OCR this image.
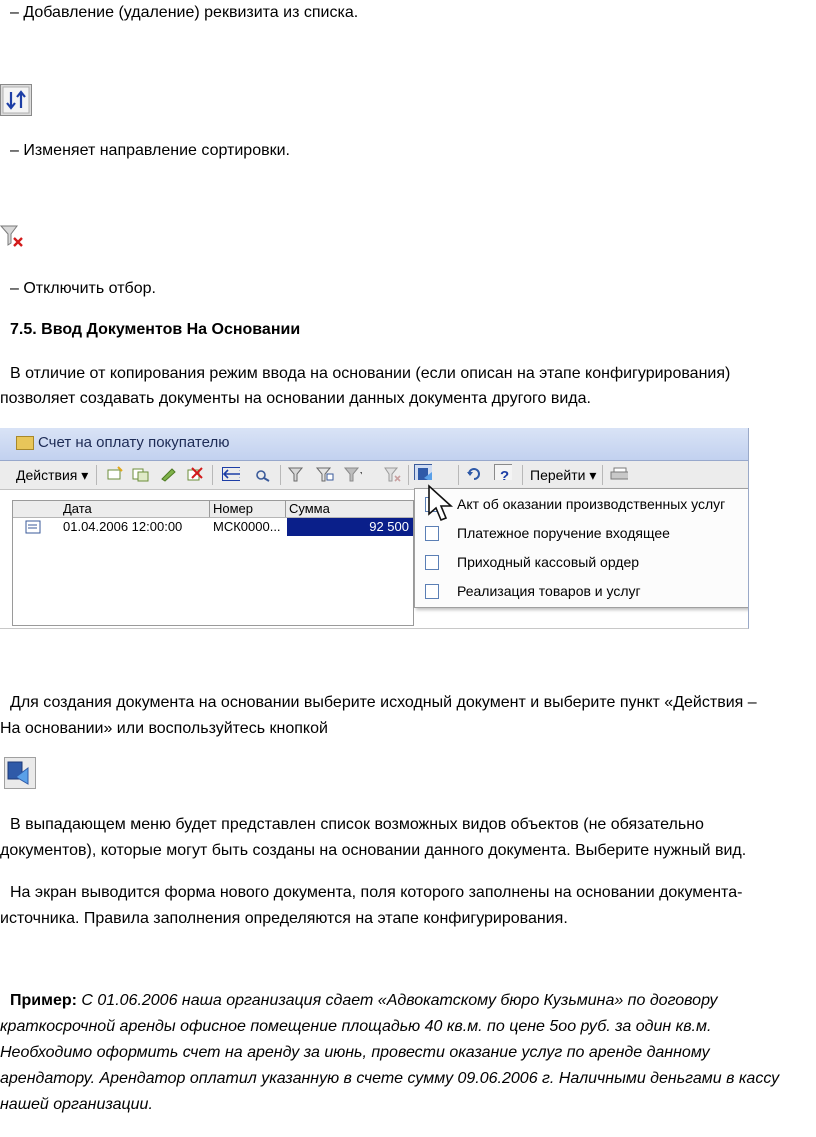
– Добавление (удаление) реквизита из списка.
– Изменяет направление сортировки.
– Отключить отбор.
7.5. Ввод Документов На Основании
В отличие от копирования режим ввода на основании (если описан на этапе конфигурирования)
позволяет создавать документы на основании данных документа другого вида.
Счет на оплату покупателю
Действия ▾	? Перейти ▾
Дата	Номер	Сумма
01.04.2006 12:00:00 МСК0000...	92 500
Акт об оказании производственных услуг
Платежное поручение входящее
Приходный кассовый ордер
Реализация товаров и услуг
Для создания документа на основании выберите исходный документ и выберите пункт «Действия –
На основании» или воспользуйтесь кнопкой
В выпадающем меню будет представлен список возможных видов объектов (не обязательно
документов), которые могут быть созданы на основании данного документа. Выберите нужный вид.
На экран выводится форма нового документа, поля которого заполнены на основании документа-
источника. Правила заполнения определяются на этапе конфигурирования.
Пример: С 01.06.2006 наша организация сдает «Адвокатскому бюро Кузьмина» по договору
краткосрочной аренды офисное помещение площадью 40 кв.м. по цене 5оо руб. за один кв.м.
Необходимо оформить счет на аренду за июнь, провести оказание услуг по аренде данному
арендатору. Арендатор оплатил указанную в счете сумму 09.06.2006 г. Наличными деньгами в кассу
нашей организации.
